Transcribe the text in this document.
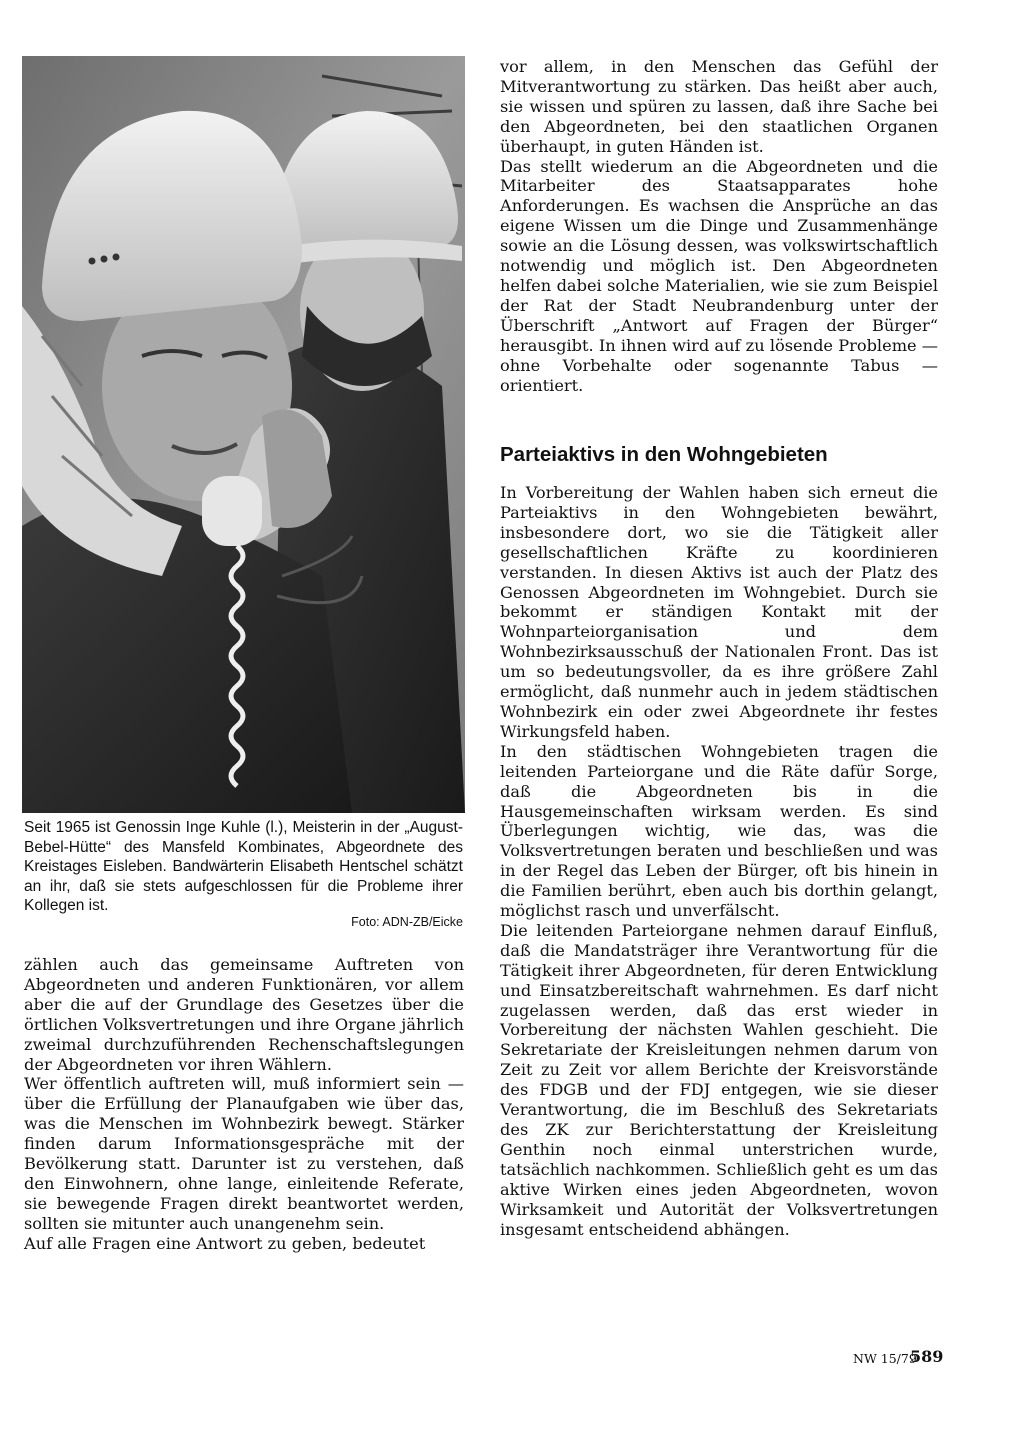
Seit 1965 ist Genossin Inge Kuhle (l.), Meisterin in der „August-Bebel-Hütte“ des Mansfeld Kombinates, Abgeordnete des Kreistages Eisleben. Bandwärterin Elisabeth Hentschel schätzt an ihr, daß sie stets aufgeschlossen für die Probleme ihrer Kollegen ist.

Foto: ADN-ZB/Eicke

zählen auch das gemeinsame Auftreten von Abgeordneten und anderen Funktionären, vor allem aber die auf der Grundlage des Gesetzes über die örtlichen Volksvertretungen und ihre Organe jährlich zweimal durchzuführenden Rechenschaftslegungen der Abgeordneten vor ihren Wählern.

Wer öffentlich auftreten will, muß informiert sein — über die Erfüllung der Planaufgaben wie über das, was die Menschen im Wohnbezirk bewegt. Stärker finden darum Informationsgespräche mit der Bevölkerung statt. Darunter ist zu verstehen, daß den Einwohnern, ohne lange, einleitende Referate, sie bewegende Fragen direkt beantwortet werden, sollten sie mitunter auch unangenehm sein.

Auf alle Fragen eine Antwort zu geben, bedeutet

vor allem, in den Menschen das Gefühl der Mitverantwortung zu stärken. Das heißt aber auch, sie wissen und spüren zu lassen, daß ihre Sache bei den Abgeordneten, bei den staatlichen Organen überhaupt, in guten Händen ist.

Das stellt wiederum an die Abgeordneten und die Mitarbeiter des Staatsapparates hohe Anforderungen. Es wachsen die Ansprüche an das eigene Wissen um die Dinge und Zusammenhänge sowie an die Lösung dessen, was volkswirtschaftlich notwendig und möglich ist. Den Abgeordneten helfen dabei solche Materialien, wie sie zum Beispiel der Rat der Stadt Neubrandenburg unter der Überschrift „Antwort auf Fragen der Bürger“ herausgibt. In ihnen wird auf zu lösende Probleme — ohne Vorbehalte oder sogenannte Tabus — orientiert.

Parteiaktivs in den Wohngebieten

In Vorbereitung der Wahlen haben sich erneut die Parteiaktivs in den Wohngebieten bewährt, insbesondere dort, wo sie die Tätigkeit aller gesellschaftlichen Kräfte zu koordinieren verstanden. In diesen Aktivs ist auch der Platz des Genossen Abgeordneten im Wohngebiet. Durch sie bekommt er ständigen Kontakt mit der Wohnparteiorganisation und dem Wohnbezirksausschuß der Nationalen Front. Das ist um so bedeutungsvoller, da es ihre größere Zahl ermöglicht, daß nunmehr auch in jedem städtischen Wohnbezirk ein oder zwei Abgeordnete ihr festes Wirkungsfeld haben.

In den städtischen Wohngebieten tragen die leitenden Parteiorgane und die Räte dafür Sorge, daß die Abgeordneten bis in die Hausgemeinschaften wirksam werden. Es sind Überlegungen wichtig, wie das, was die Volksvertretungen beraten und beschließen und was in der Regel das Leben der Bürger, oft bis hinein in die Familien berührt, eben auch bis dorthin gelangt, möglichst rasch und unverfälscht.

Die leitenden Parteiorgane nehmen darauf Einfluß, daß die Mandatsträger ihre Verantwortung für die Tätigkeit ihrer Abgeordneten, für deren Entwicklung und Einsatzbereitschaft wahrnehmen. Es darf nicht zugelassen werden, daß das erst wieder in Vorbereitung der nächsten Wahlen geschieht. Die Sekretariate der Kreisleitungen nehmen darum von Zeit zu Zeit vor allem Berichte der Kreisvorstände des FDGB und der FDJ entgegen, wie sie dieser Verantwortung, die im Beschluß des Sekretariats des ZK zur Berichterstattung der Kreisleitung Genthin noch einmal unterstrichen wurde, tatsächlich nachkommen. Schließlich geht es um das aktive Wirken eines jeden Abgeordneten, wovon Wirksamkeit und Autorität der Volksvertretungen insgesamt entscheidend abhängen.

NW 15/79
589
